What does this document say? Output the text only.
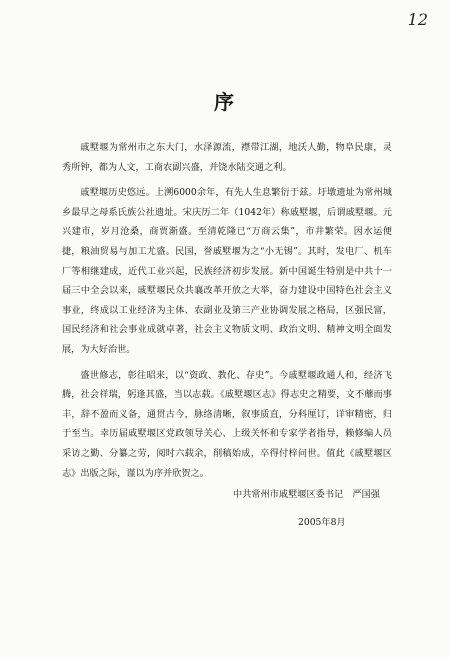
12
序

戚墅堰为常州市之东大门，水泽源流，襟带江湖，地沃人勤，物阜民康，灵秀所钟，都为人文，工商农副兴盛，并饶水陆交通之利。

戚墅堰历史悠远。上溯6000余年，有先人生息繁衍于兹。圩墩遗址为常州城乡最早之母系氏族公社遗址。宋庆历二年（1042年）称戚墅堰，后谓戚墅堰。元兴建市，岁月沧桑，商贾渐盛。至清乾隆已“万商云集”，市井繁荣。因水运便捷，粮油贸易与加工尤盛。民国，誉戚墅堰为之“小无锡”。其时，发电厂、机车厂等相继建成，近代工业兴起，民族经济初步发展。新中国诞生特别是中共十一届三中全会以来，戚墅堰民众共襄改革开放之大举，奋力建设中国特色社会主义事业，终成以工业经济为主体、农副业及第三产业协调发展之格局，区强民富，国民经济和社会事业成就卓著，社会主义物质文明、政治文明、精神文明全面发展，为大好治世。

盛世修志，彰往昭来，以“资政、教化、存史”。今戚墅堰政通人和，经济飞腾，社会祥瑞，躬逢其盛，当以志载。《戚墅堰区志》得志史之精要，文不蘼而事丰，辞不盈而义备，通贯古今，脉络清晰，叙事质直，分科厘订，详审精密，归于至当。幸历届戚墅堰区党政领导关心、上级关怀和专家学者指导，赖修编人员采访之勤、分纂之劳，阅时六载余，削稿始成，卒得付梓问世。值此《戚墅堰区志》出版之际，谨以为序并欣贺之。

中共常州市戚墅堰区委书记　严国强
2005年8月
